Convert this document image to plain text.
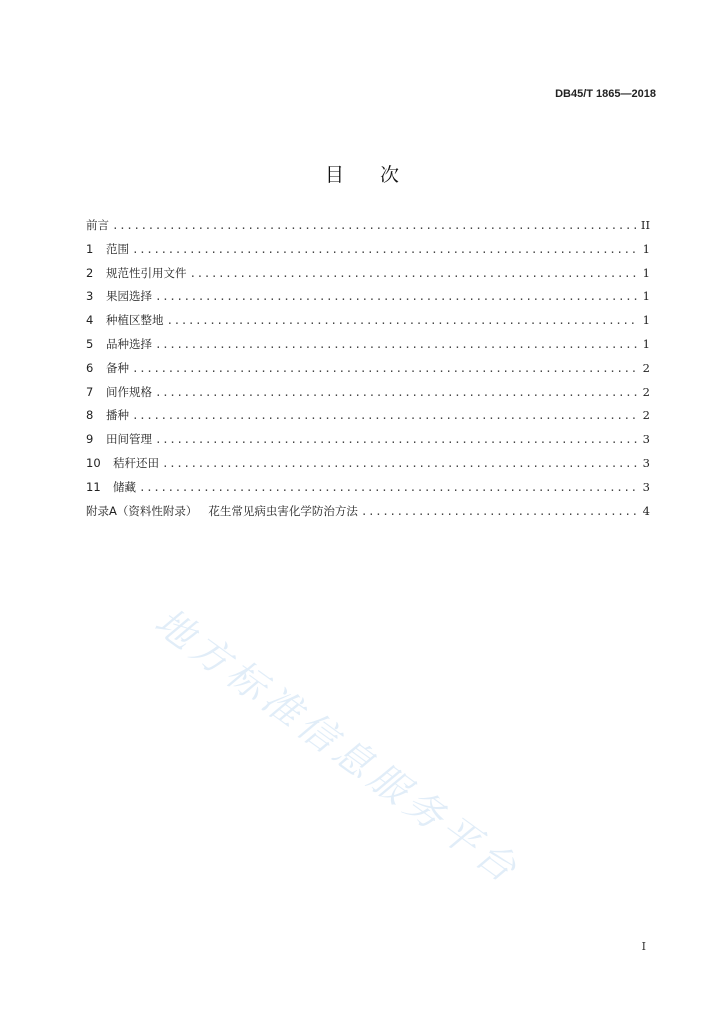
DB45/T 1865—2018
目 次
前言 .....	II
1	范围 .....	1
2	规范性引用文件 .....	1
3	果园选择 .....	1
4	种植区整地 .....	1
5	品种选择 .....	1
6	备种 .....	2
7	间作规格 .....	2
8	播种 .....	2
9	田间管理 .....	3
10	秸秆还田 .....	3
11	储藏 .....	3
附录A（资料性附录）   花生常见病虫害化学防治方法 .....	4
地方标准信息服务平台
I
